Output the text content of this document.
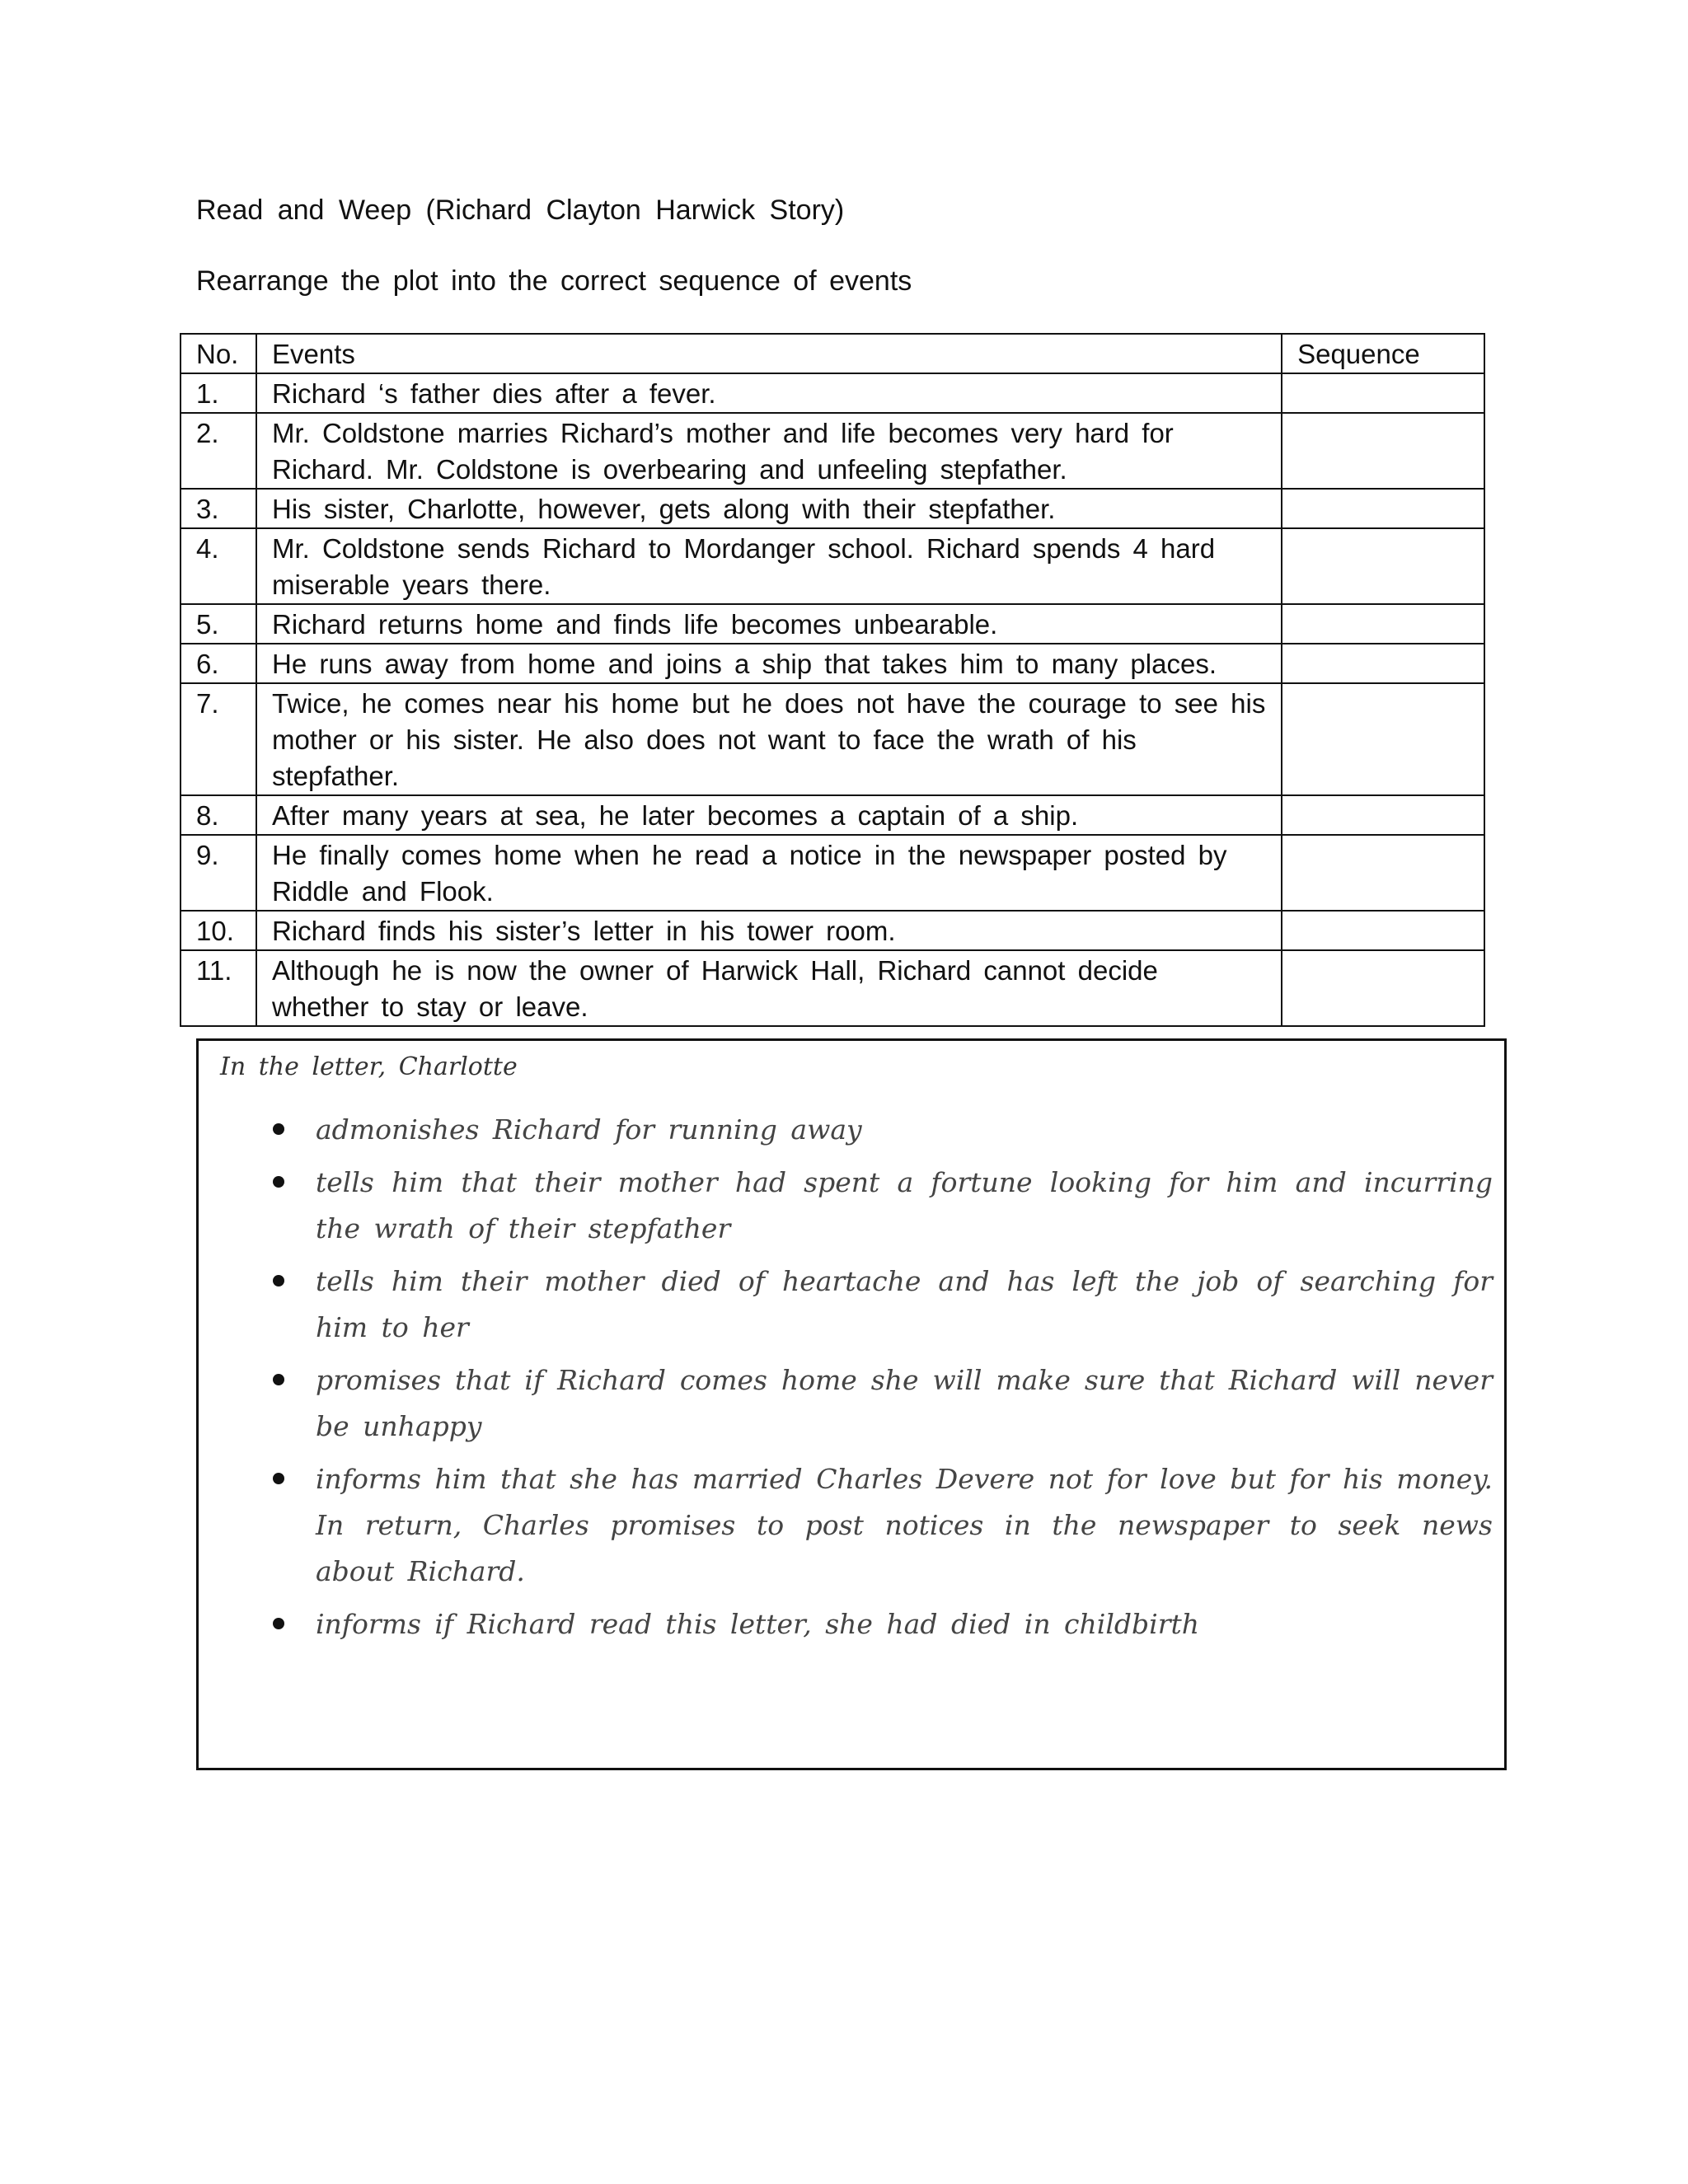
Read and Weep (Richard Clayton Harwick Story)
Rearrange the plot into the correct sequence of events
No.	Events	Sequence
1.	Richard ‘s father dies after a fever.	
2.	Mr. Coldstone marries Richard’s mother and life becomes very hard for Richard. Mr. Coldstone is overbearing and unfeeling stepfather.	
3.	His sister, Charlotte, however, gets along with their stepfather.	
4.	Mr. Coldstone sends Richard to Mordanger school. Richard spends 4 hard miserable years there.	
5.	Richard returns home and finds life becomes unbearable.	
6.	He runs away from home and joins a ship that takes him to many places.	
7.	Twice, he comes near his home but he does not have the courage to see his mother or his sister. He also does not want to face the wrath of his stepfather.	
8.	After many years at sea, he later becomes a captain of a ship.	
9.	He finally comes home when he read a notice in the newspaper posted by Riddle and Flook.	
10.	Richard finds his sister’s letter in his tower room.	
11.	Although he is now the owner of Harwick Hall, Richard cannot decide whether to stay or leave.	
In the letter, Charlotte
admonishes Richard for running away
tells him that their mother had spent a fortune looking for him and incurring the wrath of their stepfather
tells him their mother died of heartache and has left the job of searching for him to her
promises that if Richard comes home she will make sure that Richard will never be unhappy
informs him that she has married Charles Devere not for love but for his money. In return, Charles promises to post notices in the newspaper to seek news about Richard.
informs if Richard read this letter, she had died in childbirth
